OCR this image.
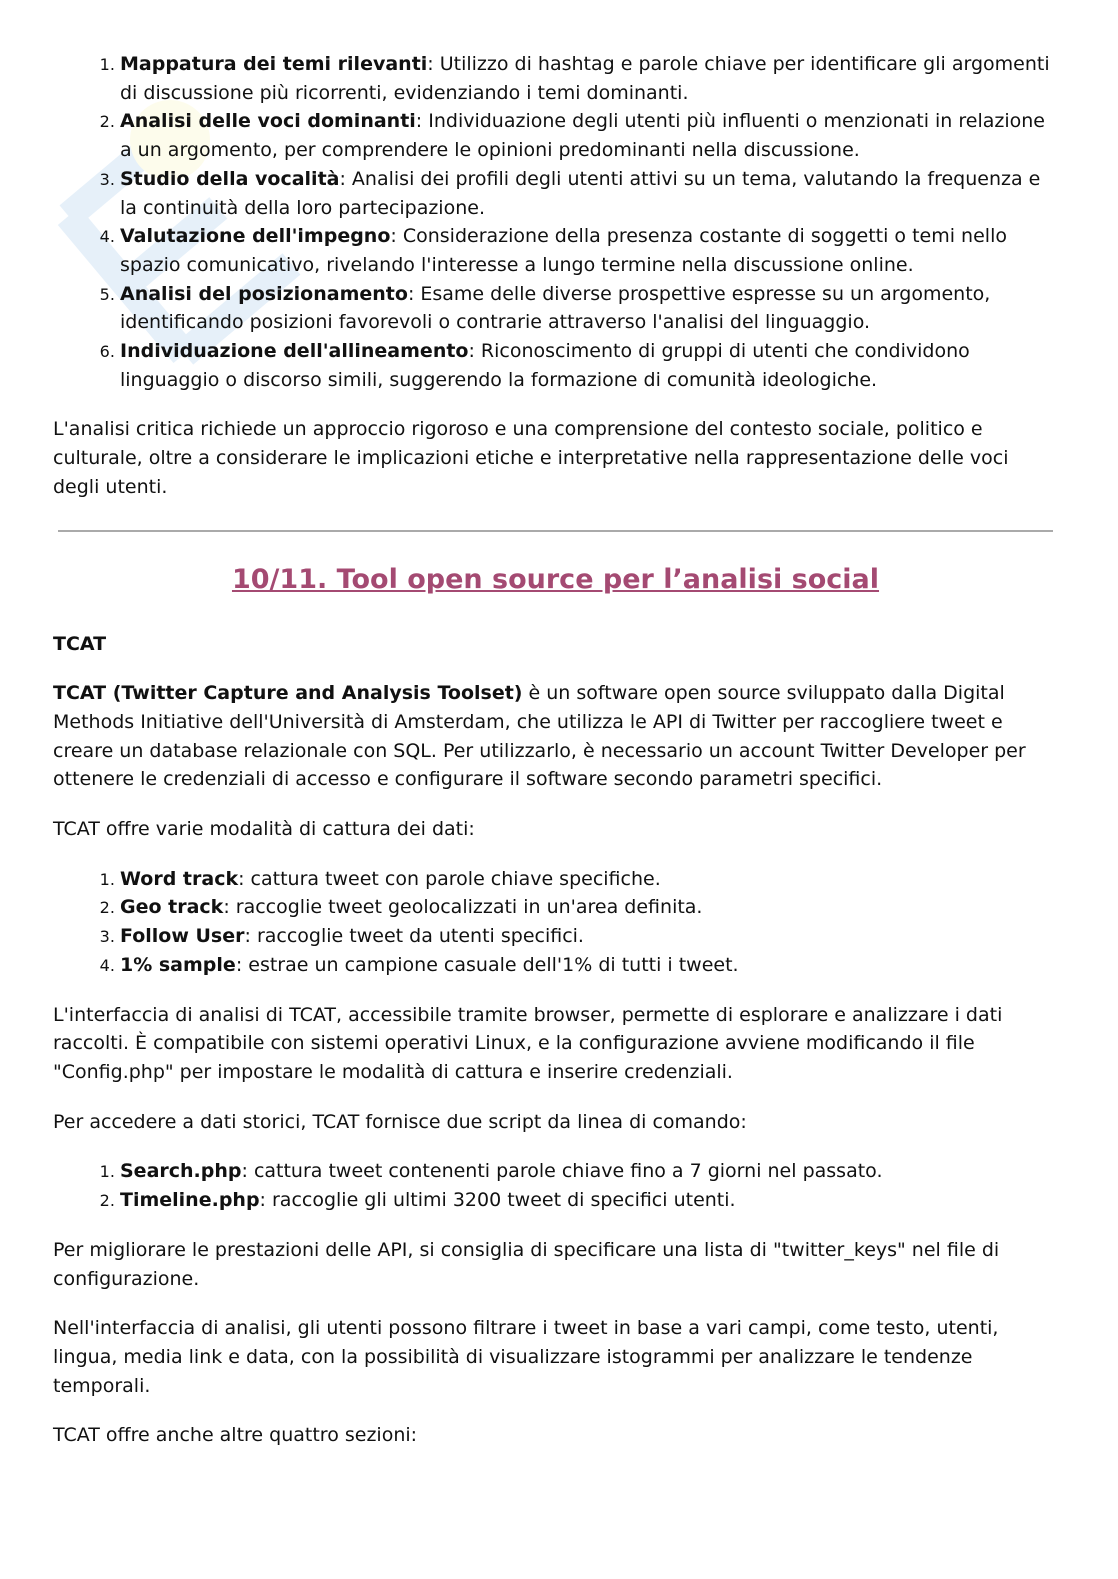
1. Mappatura dei temi rilevanti: Utilizzo di hashtag e parole chiave per identificare gli argomenti di discussione più ricorrenti, evidenziando i temi dominanti.
2. Analisi delle voci dominanti: Individuazione degli utenti più influenti o menzionati in relazione a un argomento, per comprendere le opinioni predominanti nella discussione.
3. Studio della vocalità: Analisi dei profili degli utenti attivi su un tema, valutando la frequenza e la continuità della loro partecipazione.
4. Valutazione dell'impegno: Considerazione della presenza costante di soggetti o temi nello spazio comunicativo, rivelando l'interesse a lungo termine nella discussione online.
5. Analisi del posizionamento: Esame delle diverse prospettive espresse su un argomento, identificando posizioni favorevoli o contrarie attraverso l'analisi del linguaggio.
6. Individuazione dell'allineamento: Riconoscimento di gruppi di utenti che condividono linguaggio o discorso simili, suggerendo la formazione di comunità ideologiche.

L'analisi critica richiede un approccio rigoroso e una comprensione del contesto sociale, politico e culturale, oltre a considerare le implicazioni etiche e interpretative nella rappresentazione delle voci degli utenti.

10/11. Tool open source per l’analisi social
TCAT

TCAT (Twitter Capture and Analysis Toolset) è un software open source sviluppato dalla Digital Methods Initiative dell'Università di Amsterdam, che utilizza le API di Twitter per raccogliere tweet e creare un database relazionale con SQL. Per utilizzarlo, è necessario un account Twitter Developer per ottenere le credenziali di accesso e configurare il software secondo parametri specifici.

TCAT offre varie modalità di cattura dei dati:

1. Word track: cattura tweet con parole chiave specifiche.
2. Geo track: raccoglie tweet geolocalizzati in un'area definita.
3. Follow User: raccoglie tweet da utenti specifici.
4. 1% sample: estrae un campione casuale dell'1% di tutti i tweet.

L'interfaccia di analisi di TCAT, accessibile tramite browser, permette di esplorare e analizzare i dati raccolti. È compatibile con sistemi operativi Linux, e la configurazione avviene modificando il file "Config.php" per impostare le modalità di cattura e inserire credenziali.

Per accedere a dati storici, TCAT fornisce due script da linea di comando:

1. Search.php: cattura tweet contenenti parole chiave fino a 7 giorni nel passato.
2. Timeline.php: raccoglie gli ultimi 3200 tweet di specifici utenti.

Per migliorare le prestazioni delle API, si consiglia di specificare una lista di "twitter_keys" nel file di configurazione.

Nell'interfaccia di analisi, gli utenti possono filtrare i tweet in base a vari campi, come testo, utenti, lingua, media link e data, con la possibilità di visualizzare istogrammi per analizzare le tendenze temporali.

TCAT offre anche altre quattro sezioni:
